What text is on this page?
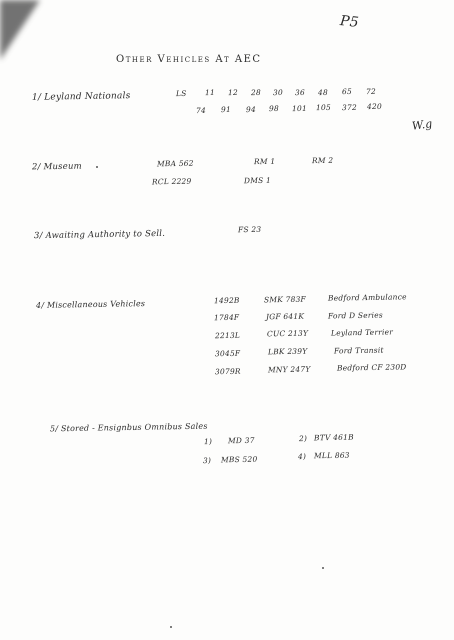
P5
Other Vehicles At AEC
W.g
1/ Leyland Nationals	LS 11 12 28 30 36 48 65 72
74 91 94 98 101 105 372 420
2/ Museum	MBA 562	RM 1	RM 2
RCL 2229	DMS 1
3/ Awaiting Authority to Sell.	FS 23
4/ Miscellaneous Vehicles	1492B	SMK 783F	Bedford Ambulance
1784F	JGF 641K	Ford D Series
2213L	CUC 213Y	Leyland Terrier
3045F	LBK 239Y	Ford Transit
3079R	MNY 247Y	Bedford CF 230D
5/ Stored - Ensignbus Omnibus Sales
1) MD 37	2) BTV 461B
3) MBS 520	4) MLL 863
